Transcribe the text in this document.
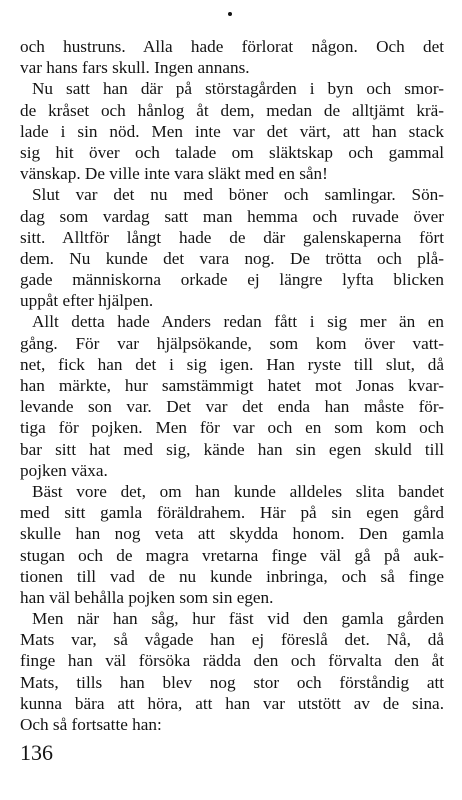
och hustruns. Alla hade förlorat någon. Och det
var hans fars skull. Ingen annans.
Nu satt han där på störstagården i byn och smor-
de kråset och hånlog åt dem, medan de alltjämt krä-
lade i sin nöd. Men inte var det värt, att han stack
sig hit över och talade om släktskap och gammal
vänskap. De ville inte vara släkt med en sån!
Slut var det nu med böner och samlingar. Sön-
dag som vardag satt man hemma och ruvade över
sitt. Alltför långt hade de där galenskaperna fört
dem. Nu kunde det vara nog. De trötta och plå-
gade människorna orkade ej längre lyfta blicken
uppåt efter hjälpen.
Allt detta hade Anders redan fått i sig mer än en
gång. För var hjälpsökande, som kom över vatt-
net, fick han det i sig igen. Han ryste till slut, då
han märkte, hur samstämmigt hatet mot Jonas kvar-
levande son var. Det var det enda han måste för-
tiga för pojken. Men för var och en som kom och
bar sitt hat med sig, kände han sin egen skuld till
pojken växa.
Bäst vore det, om han kunde alldeles slita bandet
med sitt gamla föräldrahem. Här på sin egen gård
skulle han nog veta att skydda honom. Den gamla
stugan och de magra vretarna finge väl gå på auk-
tionen till vad de nu kunde inbringa, och så finge
han väl behålla pojken som sin egen.
Men när han såg, hur fäst vid den gamla gården
Mats var, så vågade han ej föreslå det. Nå, då
finge han väl försöka rädda den och förvalta den åt
Mats, tills han blev nog stor och förståndig att
kunna bära att höra, att han var utstött av de sina.
Och så fortsatte han:
136
